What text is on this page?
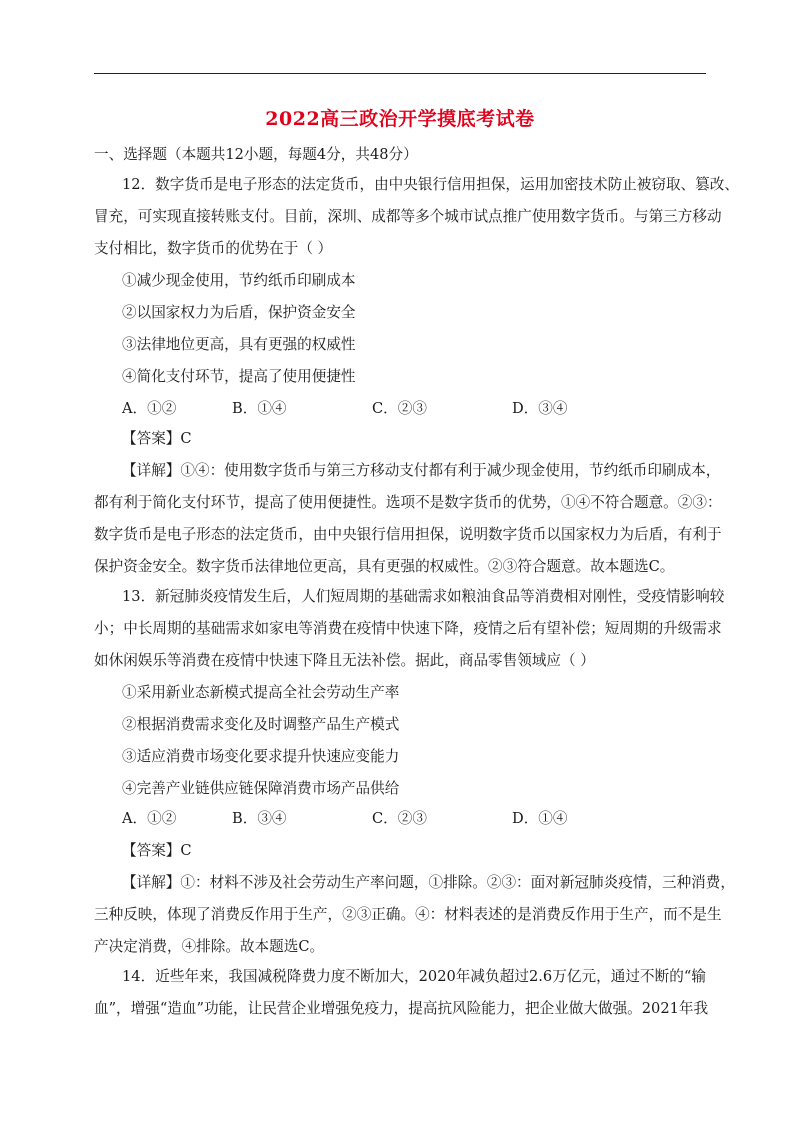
2022高三政治开学摸底考试卷
一、选择题（本题共12小题，每题4分，共48分）
12．数字货币是电子形态的法定货币，由中央银行信用担保，运用加密技术防止被窃取、篡改、
冒充，可实现直接转账支付。目前，深圳、成都等多个城市试点推广使用数字货币。与第三方移动
支付相比，数字货币的优势在于（ ）
①减少现金使用，节约纸币印刷成本
②以国家权力为后盾，保护资金安全
③法律地位更高，具有更强的权威性
④简化支付环节，提高了使用便捷性
A．①②	B．①④	C．②③	D．③④
【答案】C
【详解】①④：使用数字货币与第三方移动支付都有利于减少现金使用，节约纸币印刷成本，
都有利于简化支付环节，提高了使用便捷性。选项不是数字货币的优势，①④不符合题意。②③：
数字货币是电子形态的法定货币，由中央银行信用担保，说明数字货币以国家权力为后盾，有利于
保护资金安全。数字货币法律地位更高，具有更强的权威性。②③符合题意。故本题选C。
13．新冠肺炎疫情发生后，人们短周期的基础需求如粮油食品等消费相对刚性，受疫情影响较
小；中长周期的基础需求如家电等消费在疫情中快速下降，疫情之后有望补偿；短周期的升级需求
如休闲娱乐等消费在疫情中快速下降且无法补偿。据此，商品零售领域应（ ）
①采用新业态新模式提高全社会劳动生产率
②根据消费需求变化及时调整产品生产模式
③适应消费市场变化要求提升快速应变能力
④完善产业链供应链保障消费市场产品供给
A．①②	B．③④	C．②③	D．①④
【答案】C
【详解】①：材料不涉及社会劳动生产率问题，①排除。②③：面对新冠肺炎疫情，三种消费，
三种反映，体现了消费反作用于生产，②③正确。④：材料表述的是消费反作用于生产，而不是生
产决定消费，④排除。故本题选C。
14．近些年来，我国减税降费力度不断加大，2020年减负超过2.6万亿元，通过不断的“输
血”，增强“造血”功能，让民营企业增强免疫力，提高抗风险能力，把企业做大做强。2021年我
